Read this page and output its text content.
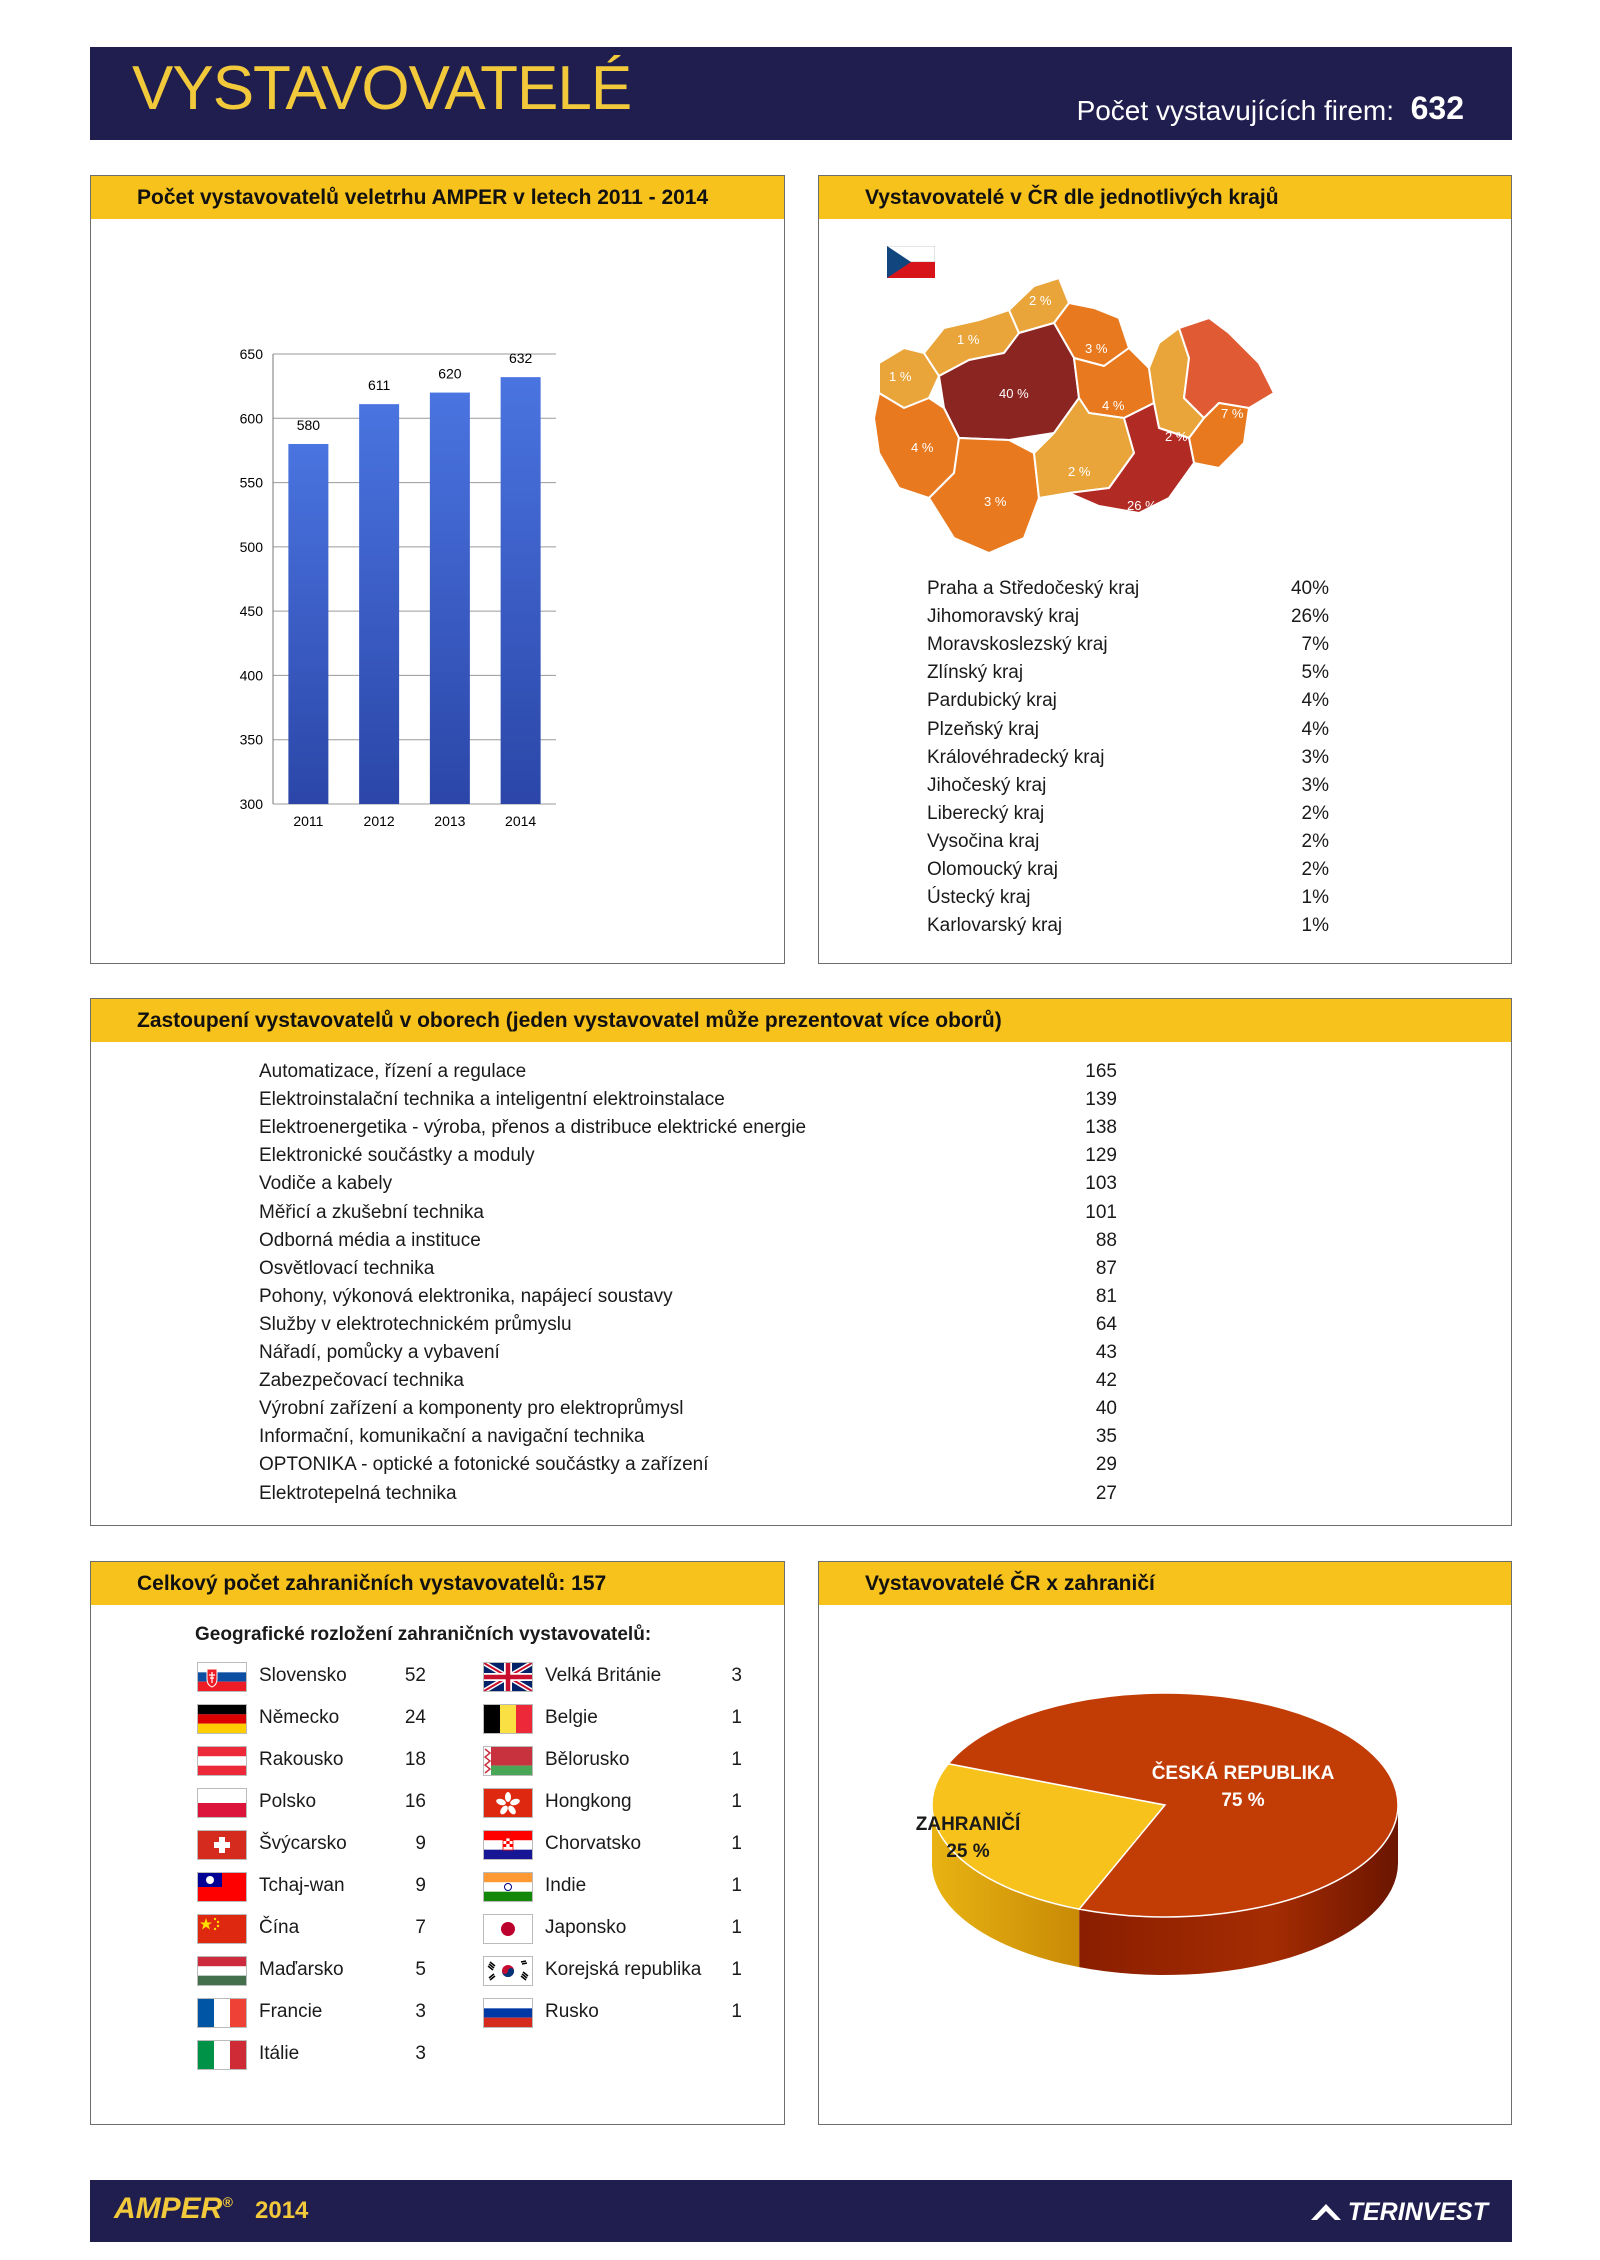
VYSTAVOVATELÉ	Počet vystavujících firem: 632
Počet vystavovatelů veletrhu AMPER v letech 2011 - 2014
300
350
400
450
500
550
600
650
580
2011
611
2012
620
2013
632
2014
Vystavovatelé v ČR dle jednotlivých krajů
2 %
1 %
1 %
3 %
40 %
4 %
4 %
7 %
2 %
2 %
5 %
3 %	26 %
Praha a Středočeský kraj	40%
Jihomoravský kraj	26%
Moravskoslezský kraj	7%
Zlínský kraj	5%
Pardubický kraj	4%
Plzeňský kraj	4%
Královéhradecký kraj	3%
Jihočeský kraj	3%
Liberecký kraj	2%
Vysočina kraj	2%
Olomoucký kraj	2%
Ústecký kraj	1%
Karlovarský kraj	1%
Zastoupení vystavovatelů v oborech (jeden vystavovatel může prezentovat více oborů)
Automatizace, řízení a regulace	165
Elektroinstalační technika a inteligentní elektroinstalace	139
Elektroenergetika - výroba, přenos a distribuce elektrické energie	138
Elektronické součástky a moduly	129
Vodiče a kabely	103
Měřicí a zkušební technika	101
Odborná média a instituce	88
Osvětlovací technika	87
Pohony, výkonová elektronika, napájecí soustavy	81
Služby v elektrotechnickém průmyslu	64
Nářadí, pomůcky a vybavení	43
Zabezpečovací technika	42
Výrobní zařízení a komponenty pro elektroprůmysl	40
Informační, komunikační a navigační technika	35
OPTONIKA - optické a fotonické součástky a zařízení	29
Elektrotepelná technika	27
Celkový počet zahraničních vystavovatelů: 157
Geografické rozložení zahraničních vystavovatelů:
Slovensko	52
Německo	24
Rakousko	18
Polsko	16
Švýcarsko	9
Tchaj-wan	9
Čína	7
Maďarsko	5
Francie	3
Itálie	3
Velká Británie	3
Belgie	1
Bělorusko	1
Hongkong	1
Chorvatsko	1
Indie	1
Japonsko	1
Korejská republika	1
Rusko	1
Vystavovatelé ČR x zahraničí
ČESKÁ REPUBLIKA
75 %
ZAHRANIČÍ
25 %
AMPER® 2014	TERINVEST
